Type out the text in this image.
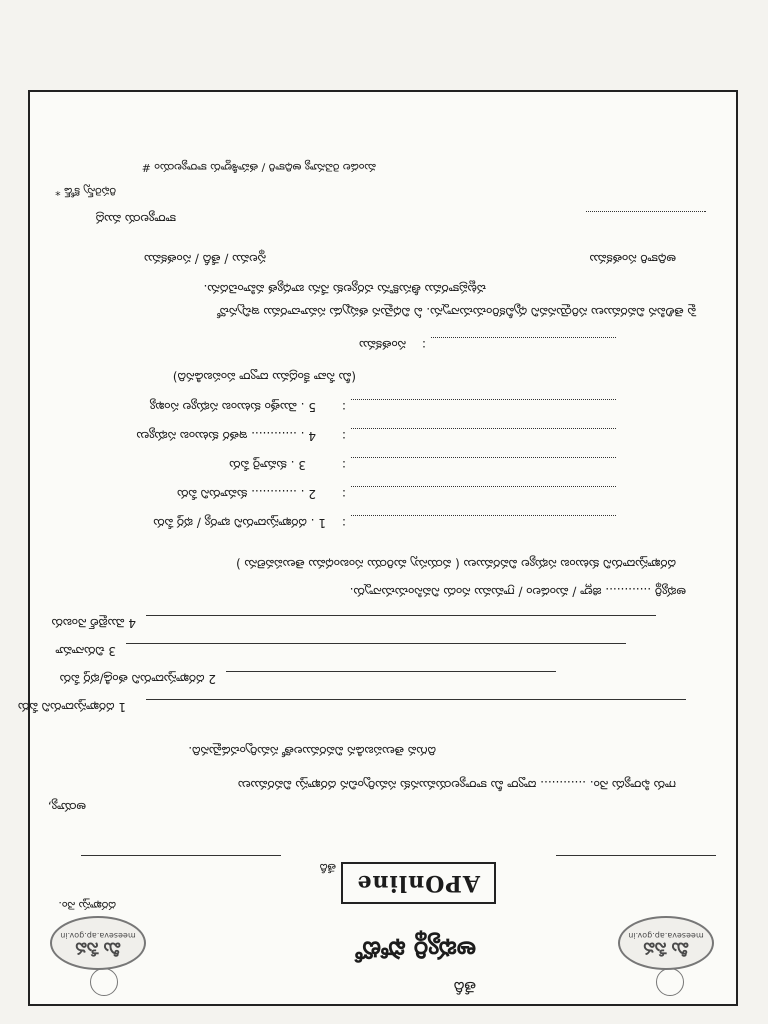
మీ సేవ
meeseva.ap.gov.in
మీ సేవ
meeseva.ap.gov.in
అభ్యర్థి ఫోటో
తేదీ
APOnline
దరఖాస్తు నెం.
తేదీ
అయ్యా,
గారు ఫిర్యాదు నెం. ............ ద్వారా మీ కార్యాలయమునకు సమర్పించిన దరఖాస్తు వివరములు
దిగువ తెలుపబడిన వివరములతో సమర్పించడమైనది.
1 దరఖాస్తుదారుని పేరు
2 దరఖాస్తుదారుని తండ్రి/భర్త పేరు
3 చిరునామా
4 మొబైల్ నెంబరు
అభ్యర్థి ............ జిల్లా / మండలం / గ్రామము నందు నివసించుచున్నారు.
దరఖాస్తుదారుని కుటుంబ సభ్యుల వివరములు ( వయస్సు మరియు సంబంధము తెలుపవలెను )
1 . దరఖాస్తుదారుని భార్య / భర్త పేరు	:
2 . ............ కుమారుని పేరు	:
3 . కుమార్తె పేరు	:
4 . ............ ఇతర కుటుంబ సభ్యులు	:
5 . మొత్తం కుటుంబ సభ్యుల సంఖ్య	:
(మీ సేవా కేంద్రము ద్వారా పంపబడినది)
సంతకము :
పై తెలిపిన వివరములు సరియైనవని ధృవీకరించుచున్నాను. ఏ విధమైన తప్పుడు సమాచారము ఇచ్చినచో
చట్టప్రకారము తీసుకొను చర్యలకు నేను బాధ్యత వహించెదను.
స్థలము / తేదీ / సంతకము	అధికారి సంతకము
కార్యాలయ ముద్ర
రిఫరెన్స్ కోడ్ *
మండల రెవెన్యూ అధికారి / తహశీల్దారు కార్యాలయం #
